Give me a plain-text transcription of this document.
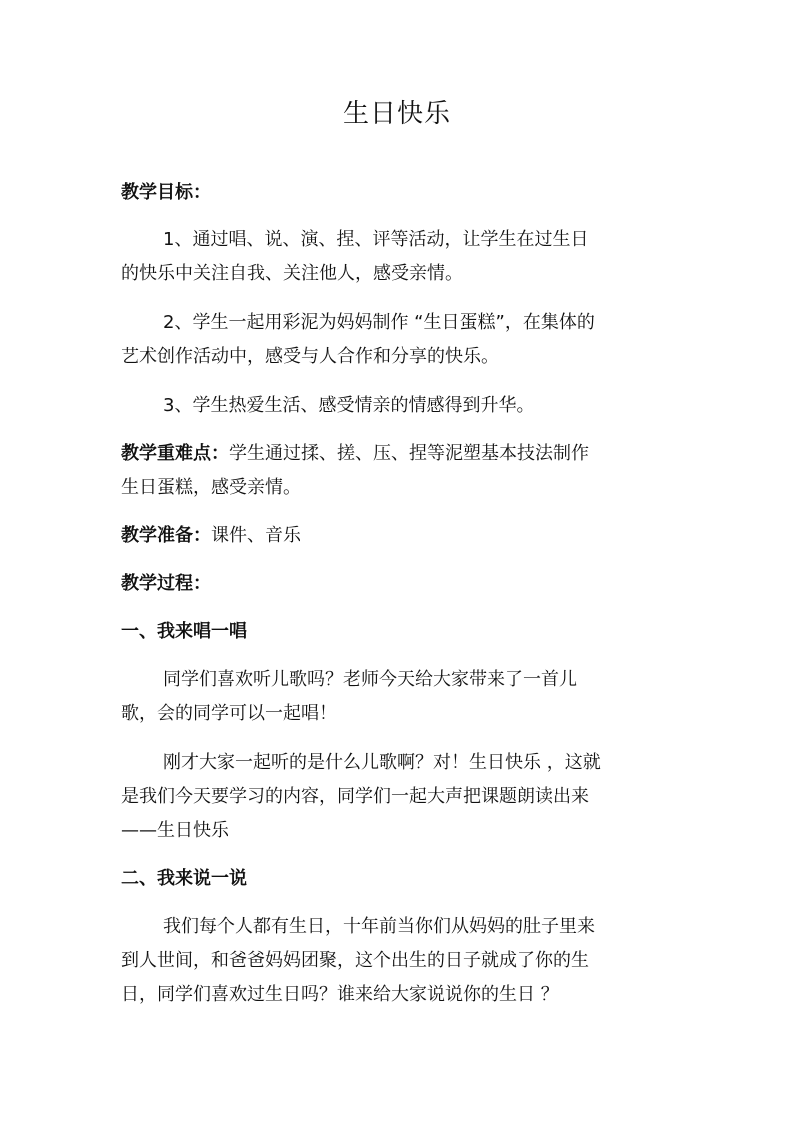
生日快乐
教学目标：
1、通过唱、说、演、捏、评等活动，让学生在过生日
的快乐中关注自我、关注他人，感受亲情。
2、学生一起用彩泥为妈妈制作 “生日蛋糕”，在集体的
艺术创作活动中，感受与人合作和分享的快乐。
3、学生热爱生活、感受情亲的情感得到升华。
教学重难点：学生通过揉、搓、压、捏等泥塑基本技法制作
生日蛋糕，感受亲情。
教学准备：课件、音乐
教学过程：
一、我来唱一唱
同学们喜欢听儿歌吗？老师今天给大家带来了一首儿
歌，会的同学可以一起唱！
刚才大家一起听的是什么儿歌啊？对！生日快乐 ，这就
是我们今天要学习的内容，同学们一起大声把课题朗读出来
——生日快乐
二、我来说一说
我们每个人都有生日，十年前当你们从妈妈的肚子里来
到人世间，和爸爸妈妈团聚，这个出生的日子就成了你的生
日，同学们喜欢过生日吗？谁来给大家说说你的生日 ？
